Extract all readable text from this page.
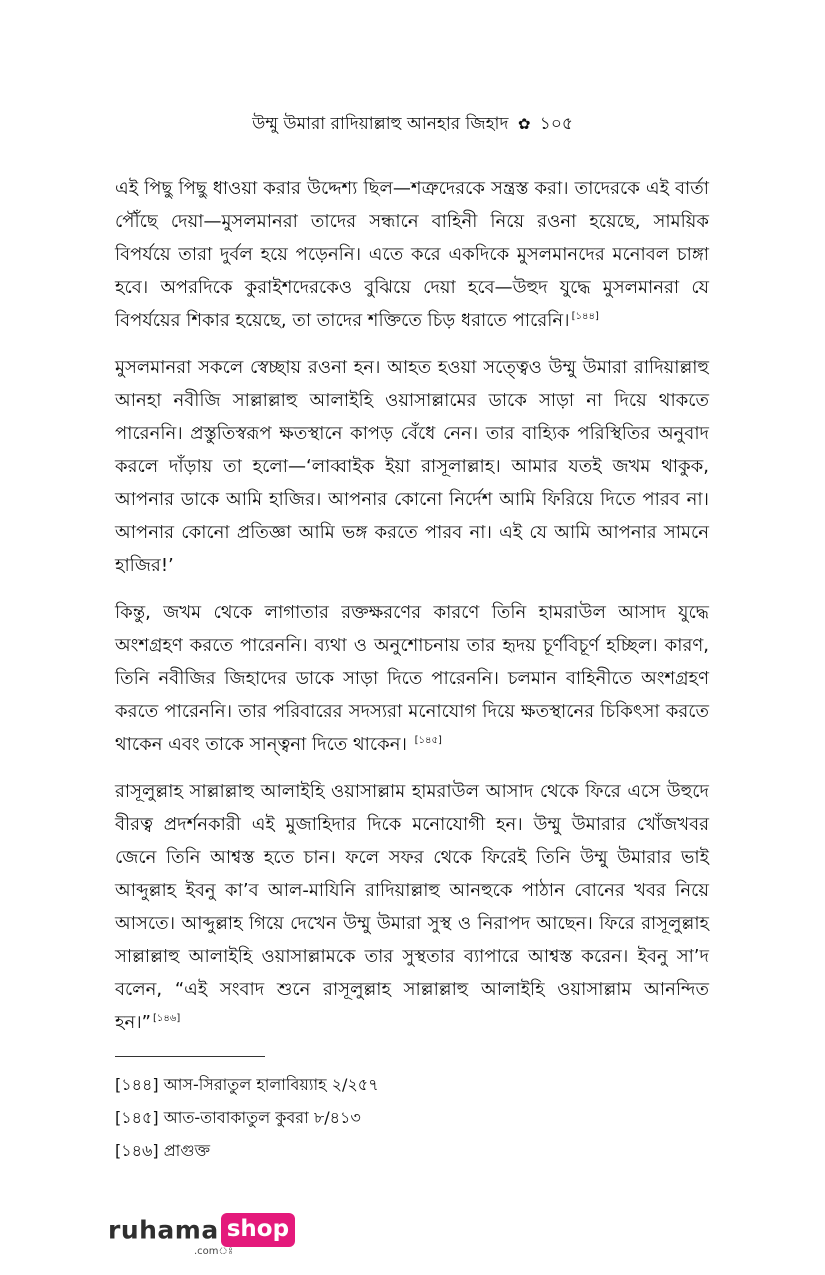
উম্মু উমারা রাদিয়াল্লাহু আনহার জিহাদ ✿ ১০৫

এই পিছু পিছু ধাওয়া করার উদ্দেশ্য ছিল—শত্রুদেরকে সন্ত্রস্ত করা। তাদেরকে এই বার্তা পৌঁছে দেয়া—মুসলমানরা তাদের সন্ধানে বাহিনী নিয়ে রওনা হয়েছে, সাময়িক বিপর্যয়ে তারা দুর্বল হয়ে পড়েননি। এতে করে একদিকে মুসলমানদের মনোবল চাঙ্গা হবে। অপরদিকে কুরাইশদেরকেও বুঝিয়ে দেয়া হবে—উহুদ যুদ্ধে মুসলমানরা যে বিপর্যয়ের শিকার হয়েছে, তা তাদের শক্তিতে চিড় ধরাতে পারেনি। [১৪৪]

মুসলমানরা সকলে স্বেচ্ছায় রওনা হন। আহত হওয়া সত্ত্বেও উম্মু উমারা রাদিয়াল্লাহু আনহা নবীজি সাল্লাল্লাহু আলাইহি ওয়াসাল্লামের ডাকে সাড়া না দিয়ে থাকতে পারেননি। প্রস্তুতিস্বরূপ ক্ষতস্থানে কাপড় বেঁধে নেন। তার বাহ্যিক পরিস্থিতির অনুবাদ করলে দাঁড়ায় তা হলো—‘লাব্বাইক ইয়া রাসূলাল্লাহ। আমার যতই জখম থাকুক, আপনার ডাকে আমি হাজির। আপনার কোনো নির্দেশ আমি ফিরিয়ে দিতে পারব না। আপনার কোনো প্রতিজ্ঞা আমি ভঙ্গ করতে পারব না। এই যে আমি আপনার সামনে হাজির!’

কিন্তু, জখম থেকে লাগাতার রক্তক্ষরণের কারণে তিনি হামরাউল আসাদ যুদ্ধে অংশগ্রহণ করতে পারেননি। ব্যথা ও অনুশোচনায় তার হৃদয় চূর্ণবিচূর্ণ হচ্ছিল। কারণ, তিনি নবীজির জিহাদের ডাকে সাড়া দিতে পারেননি। চলমান বাহিনীতে অংশগ্রহণ করতে পারেননি। তার পরিবারের সদস্যরা মনোযোগ দিয়ে ক্ষতস্থানের চিকিৎসা করতে থাকেন এবং তাকে সান্ত্বনা দিতে থাকেন। [১৪৫]

রাসূলুল্লাহ সাল্লাল্লাহু আলাইহি ওয়াসাল্লাম হামরাউল আসাদ থেকে ফিরে এসে উহুদে বীরত্ব প্রদর্শনকারী এই মুজাহিদার দিকে মনোযোগী হন। উম্মু উমারার খোঁজখবর জেনে তিনি আশ্বস্ত হতে চান। ফলে সফর থেকে ফিরেই তিনি উম্মু উমারার ভাই আব্দুল্লাহ ইবনু কা’ব আল-মাযিনি রাদিয়াল্লাহু আনহুকে পাঠান বোনের খবর নিয়ে আসতে। আব্দুল্লাহ গিয়ে দেখেন উম্মু উমারা সুস্থ ও নিরাপদ আছেন। ফিরে রাসূলুল্লাহ সাল্লাল্লাহু আলাইহি ওয়াসাল্লামকে তার সুস্থতার ব্যাপারে আশ্বস্ত করেন। ইবনু সা’দ বলেন, “এই সংবাদ শুনে রাসূলুল্লাহ সাল্লাল্লাহু আলাইহি ওয়াসাল্লাম আনন্দিত হন।” [১৪৬]

[১৪৪] আস-সিরাতুল হালাবিয়্যাহ ২/২৫৭

[১৪৫] আত-তাবাকাতুল কুবরা ৮/৪১৩

[১৪৬] প্রাগুক্ত

ruhama shop
.comঃ
